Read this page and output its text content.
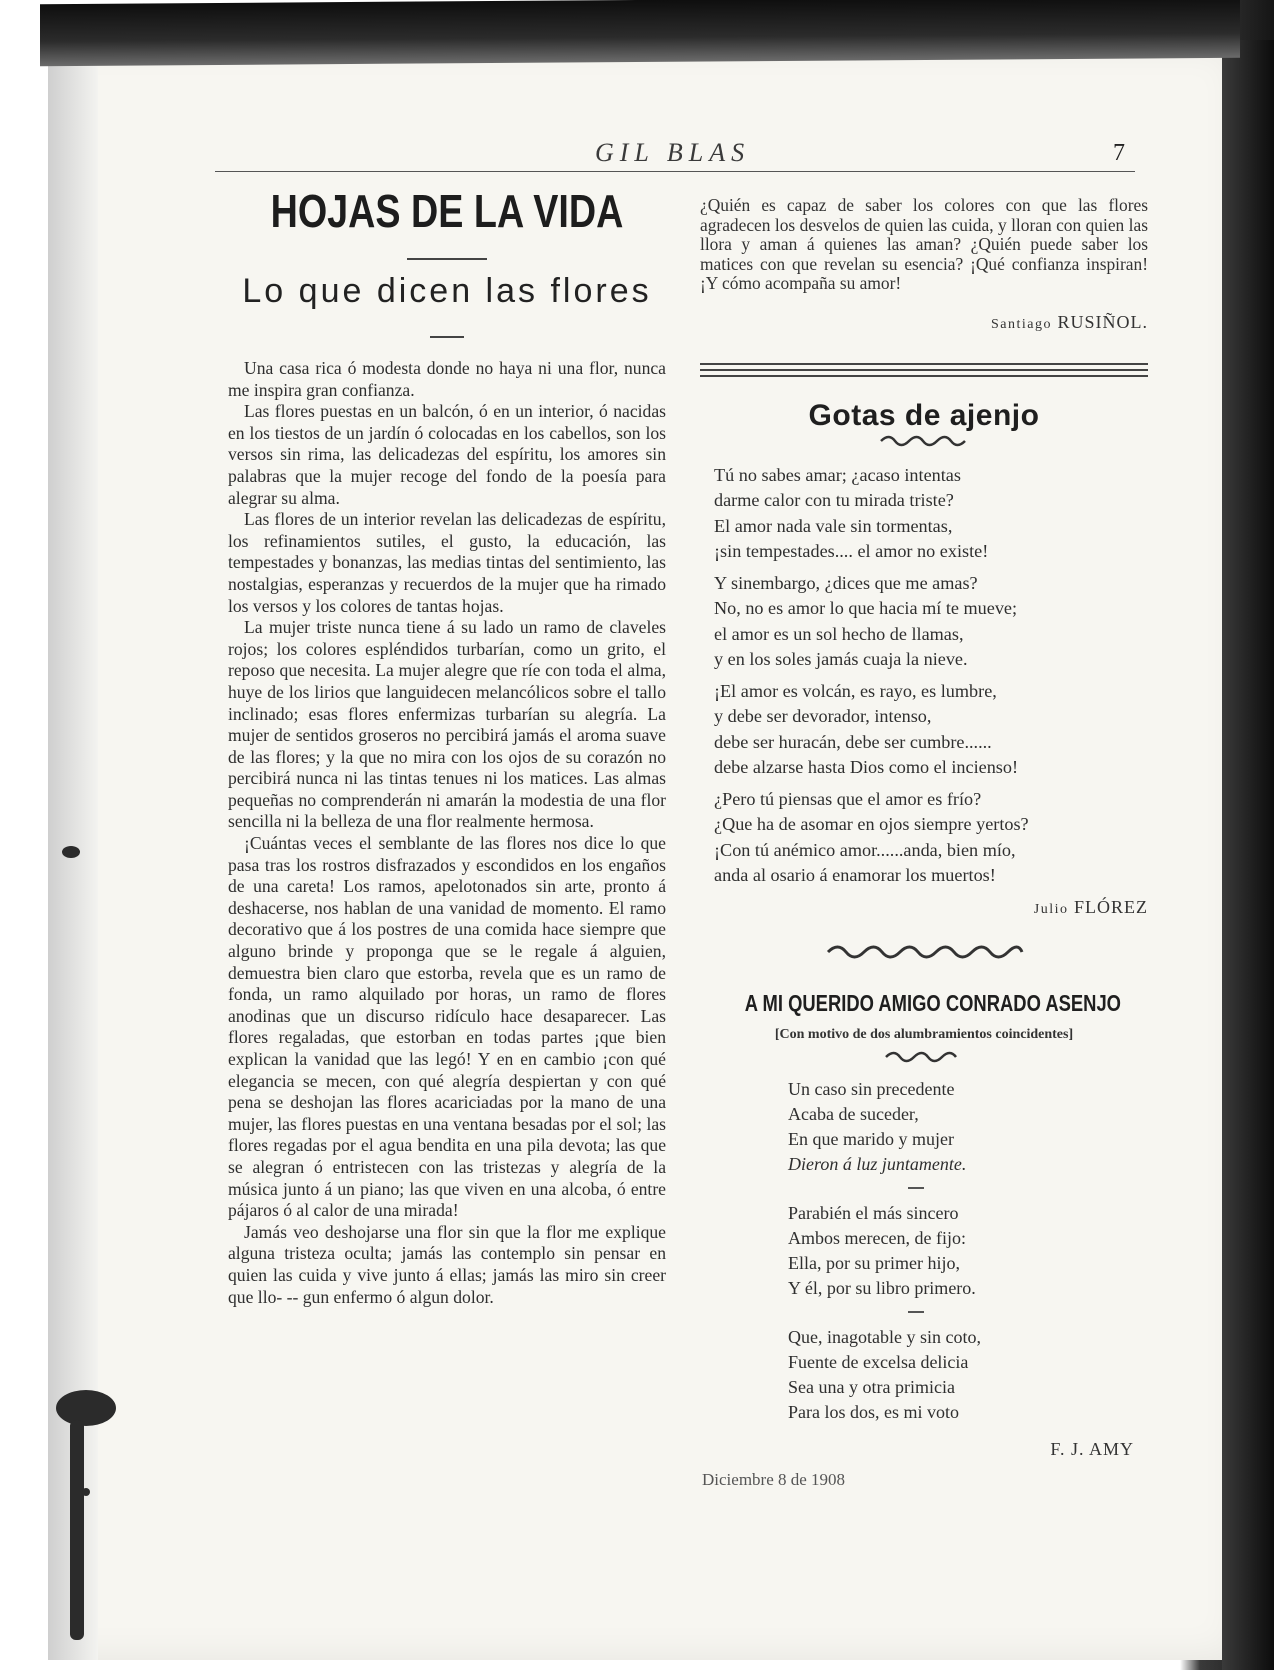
GIL BLAS	7
HOJAS DE LA VIDA
Lo que dicen las flores

Una casa rica ó modesta donde no haya ni una flor, nunca me inspira gran confianza.

Las flores puestas en un balcón, ó en un interior, ó nacidas en los tiestos de un jardín ó colocadas en los cabellos, son los versos sin rima, las delicadezas del espíritu, los amores sin palabras que la mujer recoge del fondo de la poesía para alegrar su alma.

Las flores de un interior revelan las delicadezas de espíritu, los refinamientos sutiles, el gusto, la educación, las tempestades y bonanzas, las medias tintas del sentimiento, las nostalgias, esperanzas y recuerdos de la mujer que ha rimado los versos y los colores de tantas hojas.

La mujer triste nunca tiene á su lado un ramo de claveles rojos; los colores espléndidos turbarían, como un grito, el reposo que necesita. La mujer alegre que ríe con toda el alma, huye de los lirios que languidecen melancólicos sobre el tallo inclinado; esas flores enfermizas turbarían su alegría. La mujer de sentidos groseros no percibirá jamás el aroma suave de las flores; y la que no mira con los ojos de su corazón no percibirá nunca ni las tintas tenues ni los matices. Las almas pequeñas no comprenderán ni amarán la modestia de una flor sencilla ni la belleza de una flor realmente hermosa.

¡Cuántas veces el semblante de las flores nos dice lo que pasa tras los rostros disfrazados y escondidos en los engaños de una careta! Los ramos, apelotonados sin arte, pronto á deshacerse, nos hablan de una vanidad de momento. El ramo decorativo que á los postres de una comida hace siempre que alguno brinde y proponga que se le regale á alguien, demuestra bien claro que estorba, revela que es un ramo de fonda, un ramo alquilado por horas, un ramo de flores anodinas que un discurso ridículo hace desaparecer. Las flores regaladas, que estorban en todas partes ¡que bien explican la vanidad que las legó! Y en en cambio ¡con qué elegancia se mecen, con qué alegría despiertan y con qué pena se deshojan las flores acariciadas por la mano de una mujer, las flores puestas en una ventana besadas por el sol; las flores regadas por el agua bendita en una pila devota; las que se alegran ó entristecen con las tristezas y alegría de la música junto á un piano; las que viven en una alcoba, ó entre pájaros ó al calor de una mirada!

Jamás veo deshojarse una flor sin que la flor me explique alguna tristeza oculta; jamás las contemplo sin pensar en quien las cuida y vive junto á ellas; jamás las miro sin creer que llo- -- gun enfermo ó algun dolor.

¿Quién es capaz de saber los colores con que las flores agradecen los desvelos de quien las cuida, y lloran con quien las llora y aman á quienes las aman? ¿Quién puede saber los matices con que revelan su esencia? ¡Qué confianza inspiran! ¡Y cómo acompaña su amor!
Santiago RUSIÑOL.
Gotas de ajenjo
Tú no sabes amar; ¿acaso intentas
darme calor con tu mirada triste?
El amor nada vale sin tormentas,
¡sin tempestades.... el amor no existe!
Y sinembargo, ¿dices que me amas?
No, no es amor lo que hacia mí te mueve;
el amor es un sol hecho de llamas,
y en los soles jamás cuaja la nieve.
¡El amor es volcán, es rayo, es lumbre,
y debe ser devorador, intenso,
debe ser huracán, debe ser cumbre......
debe alzarse hasta Dios como el incienso!
¿Pero tú piensas que el amor es frío?
¿Que ha de asomar en ojos siempre yertos?
¡Con tú anémico amor......anda, bien mío,
anda al osario á enamorar los muertos!
Julio FLÓREZ
A MI QUERIDO AMIGO CONRADO ASENJO
[Con motivo de dos alumbramientos coincidentes]
Un caso sin precedente
Acaba de suceder,
En que marido y mujer
Dieron á luz juntamente.
Parabién el más sincero
Ambos merecen, de fijo:
Ella, por su primer hijo,
Y él, por su libro primero.
Que, inagotable y sin coto,
Fuente de excelsa delicia
Sea una y otra primicia
Para los dos, es mi voto
F. J. AMY
Diciembre 8 de 1908
